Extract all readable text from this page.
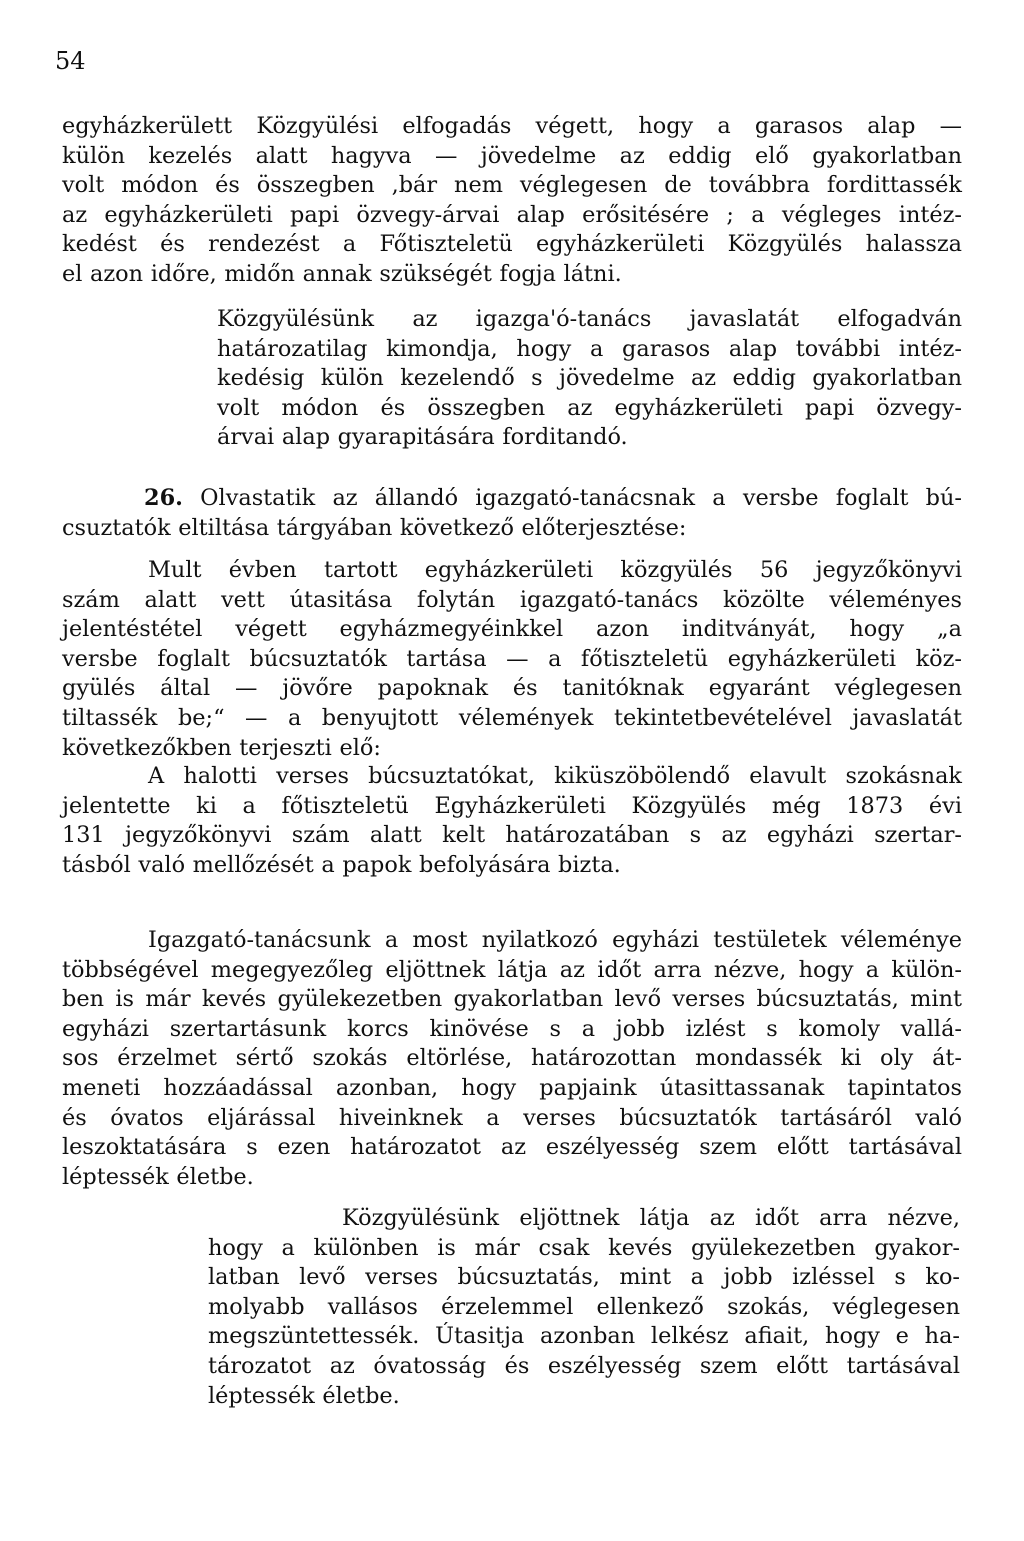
54
egyházkerülett Közgyülési elfogadás végett, hogy a garasos alap —
külön kezelés alatt hagyva — jövedelme az eddig elő gyakorlatban
volt módon és összegben ,bár nem véglegesen de továbbra fordittassék
az egyházkerületi papi özvegy-árvai alap erősitésére ; a végleges intéz-
kedést és rendezést a Főtiszteletü egyházkerületi Közgyülés halassza
el azon időre, midőn annak szükségét fogja látni.
Közgyülésünk az igazga'ó-tanács javaslatát elfogadván
határozatilag kimondja, hogy a garasos alap további intéz-
kedésig külön kezelendő s jövedelme az eddig gyakorlatban
volt módon és összegben az egyházkerületi papi özvegy-
árvai alap gyarapitására forditandó.
26. Olvastatik az állandó igazgató-tanácsnak a versbe foglalt bú-
csuztatók eltiltása tárgyában következő előterjesztése:
Mult évben tartott egyházkerületi közgyülés 56 jegyzőkönyvi
szám alatt vett útasitása folytán igazgató-tanács közölte véleményes
jelentéstétel végett egyházmegyéinkkel azon inditványát, hogy „a
versbe foglalt búcsuztatók tartása — a főtiszteletü egyházkerületi köz-
gyülés által — jövőre papoknak és tanitóknak egyaránt véglegesen
tiltassék be;“ — a benyujtott vélemények tekintetbevételével javaslatát
következőkben terjeszti elő:
A halotti verses búcsuztatókat, kiküszöbölendő elavult szokásnak
jelentette ki a főtiszteletü Egyházkerületi Közgyülés még 1873 évi
131 jegyzőkönyvi szám alatt kelt határozatában s az egyházi szertar-
tásból való mellőzését a papok befolyására bizta.
Igazgató-tanácsunk a most nyilatkozó egyházi testületek véleménye
többségével megegyezőleg eljöttnek látja az időt arra nézve, hogy a külön-
ben is már kevés gyülekezetben gyakorlatban levő verses búcsuztatás, mint
egyházi szertartásunk korcs kinövése s a jobb izlést s komoly vallá-
sos érzelmet sértő szokás eltörlése, határozottan mondassék ki oly át-
meneti hozzáadással azonban, hogy papjaink útasittassanak tapintatos
és óvatos eljárással hiveinknek a verses búcsuztatók tartásáról való
leszoktatására s ezen határozatot az eszélyesség szem előtt tartásával
léptessék életbe.
Közgyülésünk eljöttnek látja az időt arra nézve,
hogy a különben is már csak kevés gyülekezetben gyakor-
latban levő verses búcsuztatás, mint a jobb izléssel s ko-
molyabb vallásos érzelemmel ellenkező szokás, véglegesen
megszüntettessék. Útasitja azonban lelkész afiait, hogy e ha-
tározatot az óvatosság és eszélyesség szem előtt tartásával
léptessék életbe.
